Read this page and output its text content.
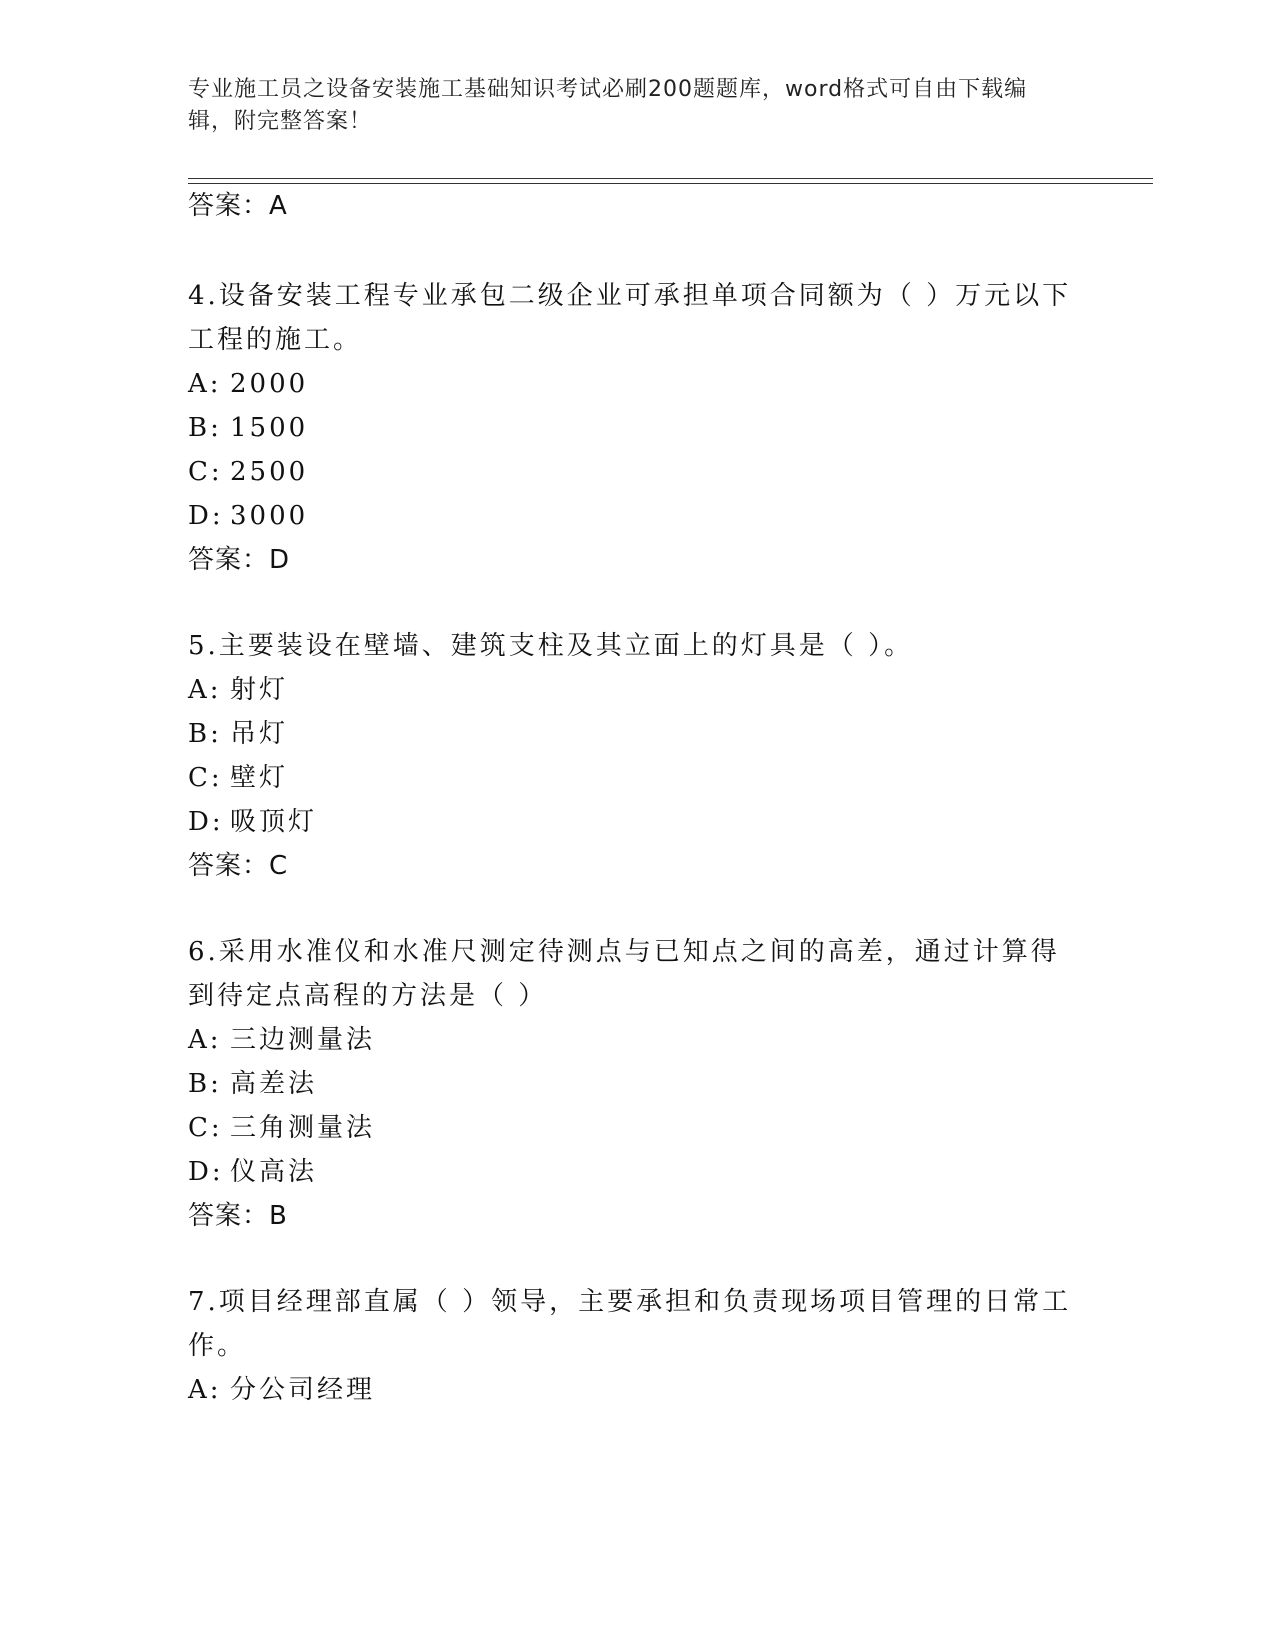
专业施工员之设备安装施工基础知识考试必刷200题题库，word格式可自由下载编辑，附完整答案！
答案：A
4.设备安装工程专业承包二级企业可承担单项合同额为（ ）万元以下
工程的施工。
A: 2000
B: 1500
C: 2500
D: 3000
答案：D
5.主要装设在壁墙、建筑支柱及其立面上的灯具是（ ）。
A: 射灯
B: 吊灯
C: 壁灯
D: 吸顶灯
答案：C
6.采用水准仪和水准尺测定待测点与已知点之间的高差，通过计算得
到待定点高程的方法是（ ）
A: 三边测量法
B: 高差法
C: 三角测量法
D: 仪高法
答案：B
7.项目经理部直属（ ）领导，主要承担和负责现场项目管理的日常工
作。
A: 分公司经理
